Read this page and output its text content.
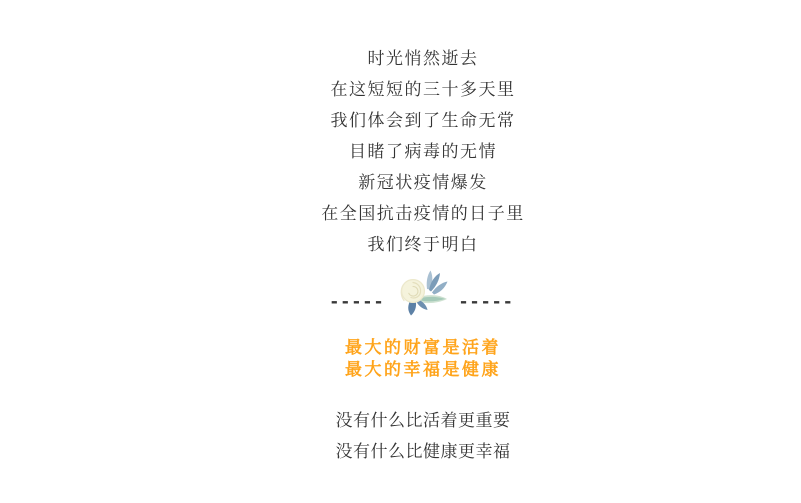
时光悄然逝去

在这短短的三十多天里

我们体会到了生命无常

目睹了病毒的无情

新冠状疫情爆发

在全国抗击疫情的日子里

我们终于明白

-----	-----

最大的财富是活着

最大的幸福是健康

没有什么比活着更重要

没有什么比健康更幸福
